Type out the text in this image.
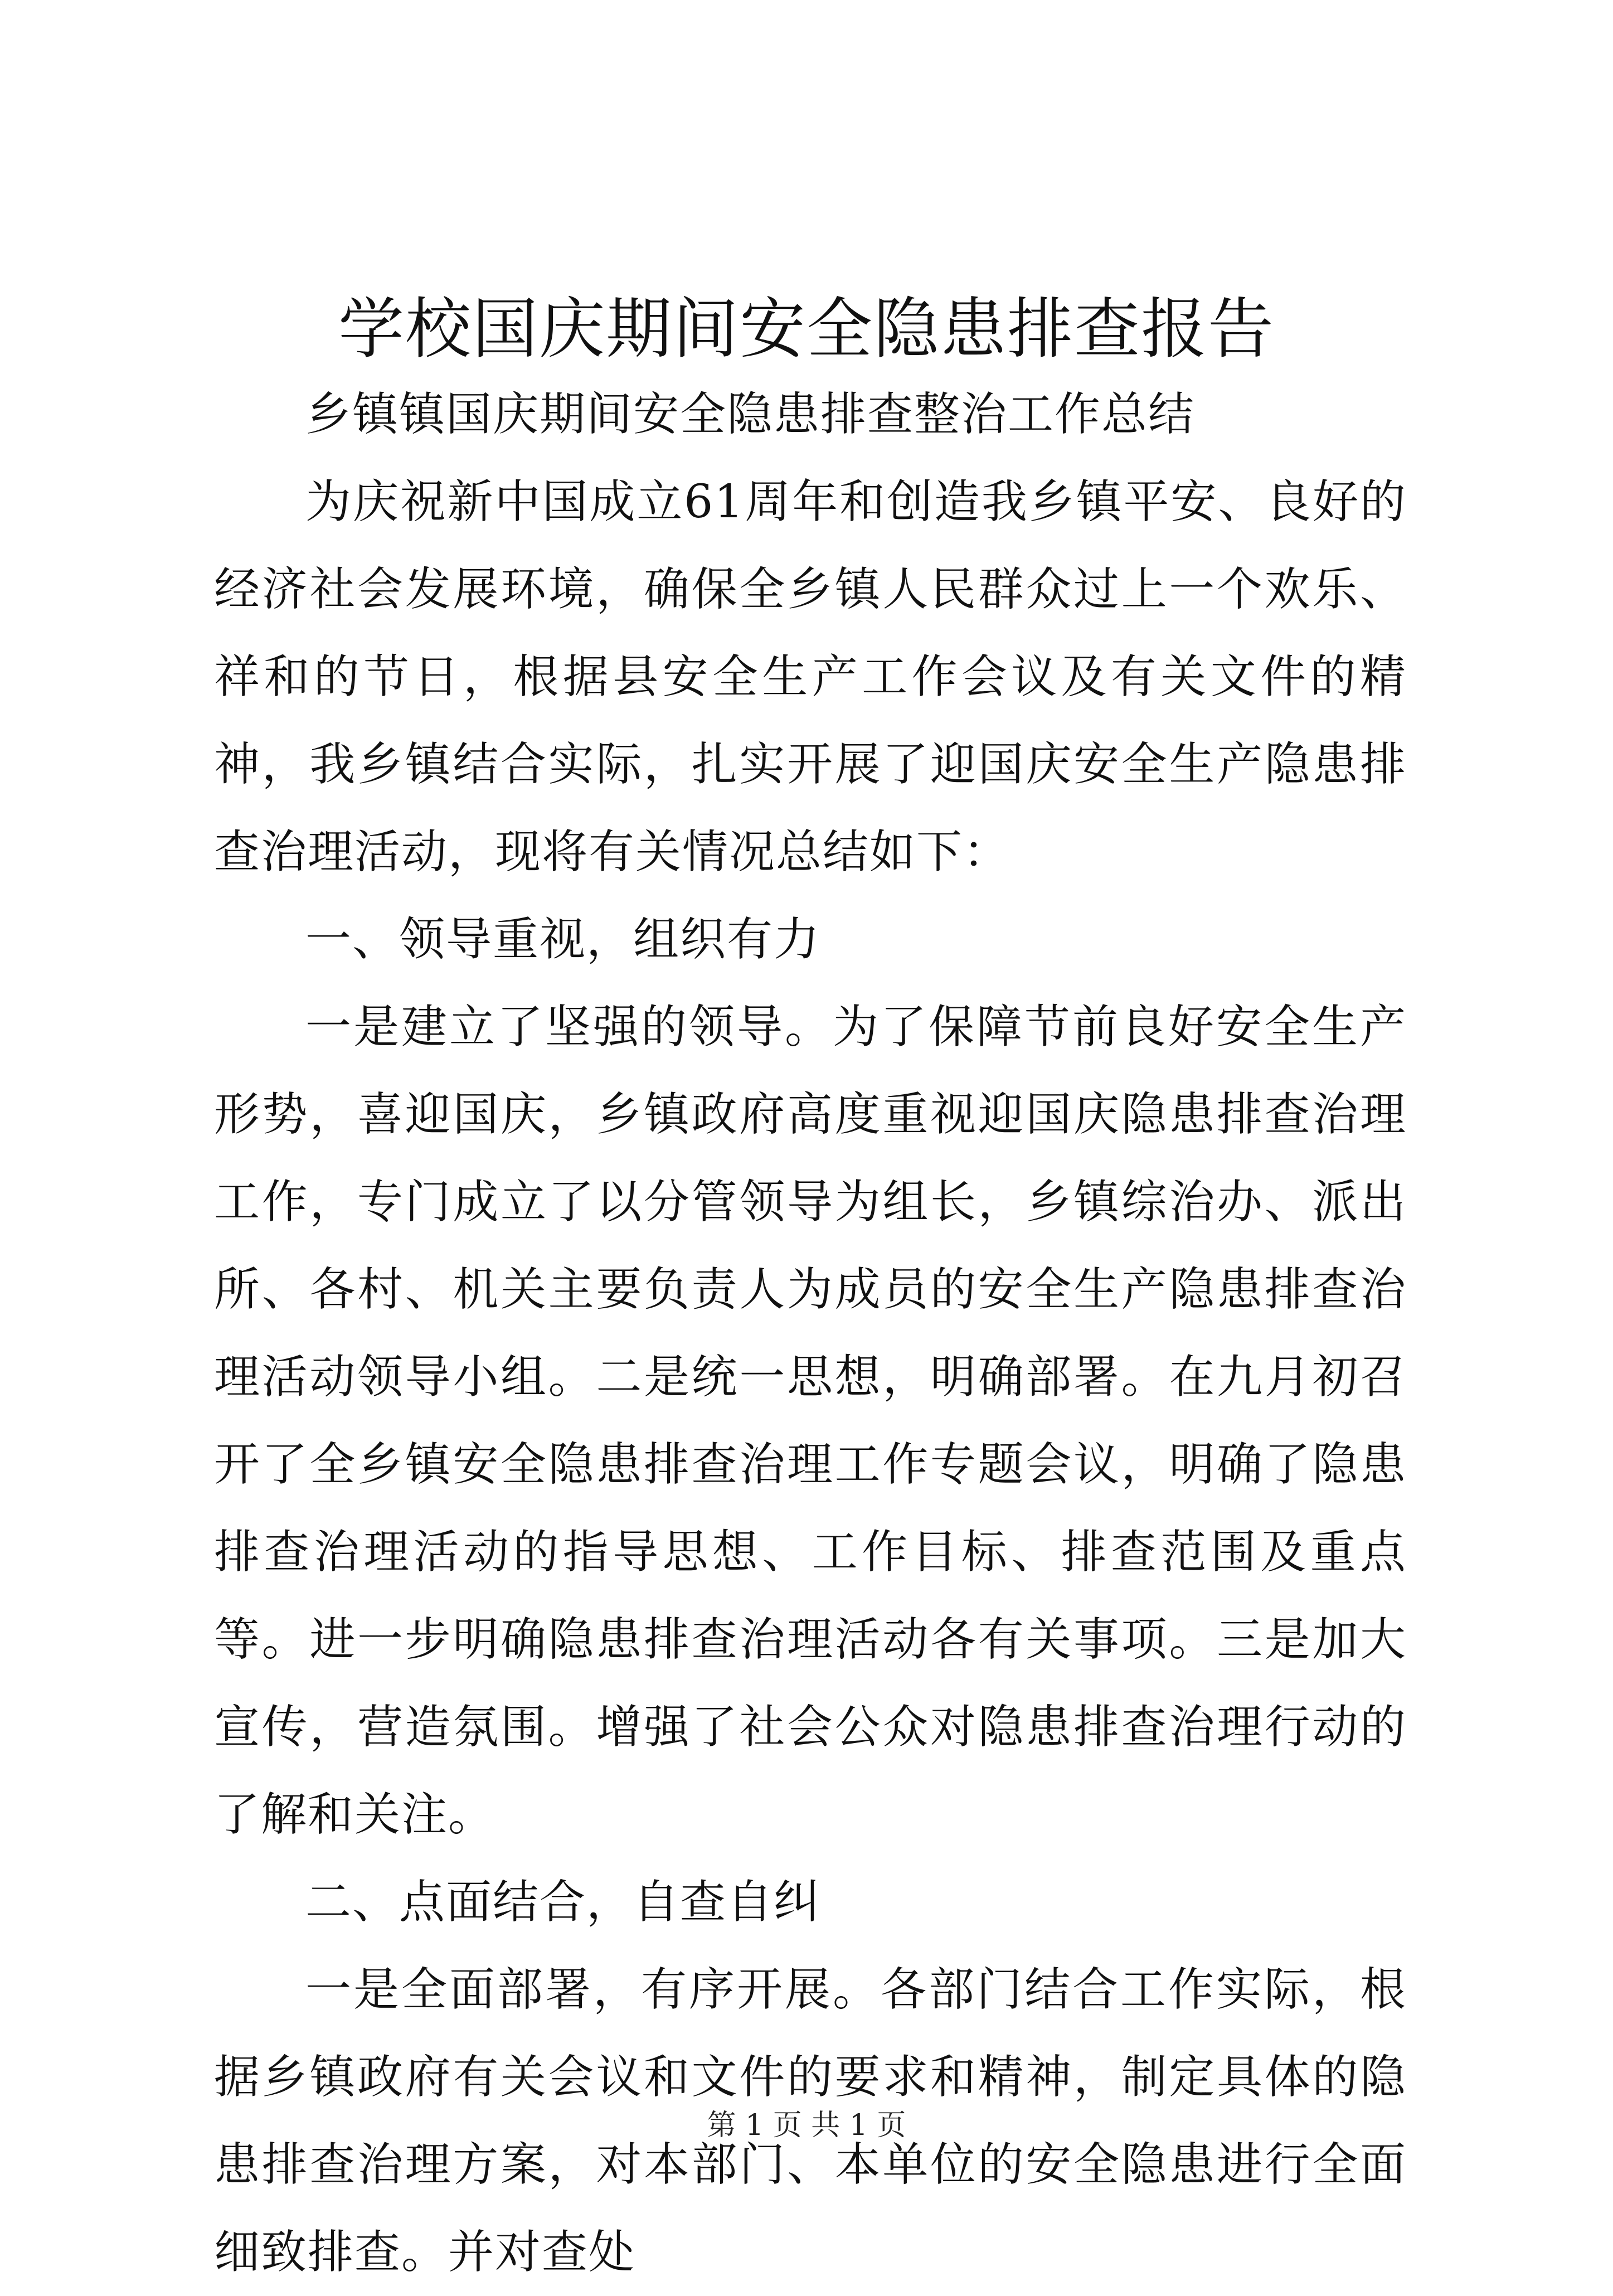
学校国庆期间安全隐患排查报告

乡镇镇国庆期间安全隐患排查整治工作总结

为庆祝新中国成立61周年和创造我乡镇平安、良好的经济社会发展环境，确保全乡镇人民群众过上一个欢乐、祥和的节日，根据县安全生产工作会议及有关文件的精神，我乡镇结合实际，扎实开展了迎国庆安全生产隐患排查治理活动，现将有关情况总结如下：

一、领导重视，组织有力

一是建立了坚强的领导。为了保障节前良好安全生产形势，喜迎国庆，乡镇政府高度重视迎国庆隐患排查治理工作，专门成立了以分管领导为组长，乡镇综治办、派出所、各村、机关主要负责人为成员的安全生产隐患排查治理活动领导小组。二是统一思想，明确部署。在九月初召开了全乡镇安全隐患排查治理工作专题会议，明确了隐患排查治理活动的指导思想、工作目标、排查范围及重点等。进一步明确隐患排查治理活动各有关事项。三是加大宣传，营造氛围。增强了社会公众对隐患排查治理行动的了解和关注。

二、点面结合，自查自纠

一是全面部署，有序开展。各部门结合工作实际，根据乡镇政府有关会议和文件的要求和精神，制定具体的隐患排查治理方案，对本部门、本单位的安全隐患进行全面细致排查。并对查处

第 1 页 共 1 页
